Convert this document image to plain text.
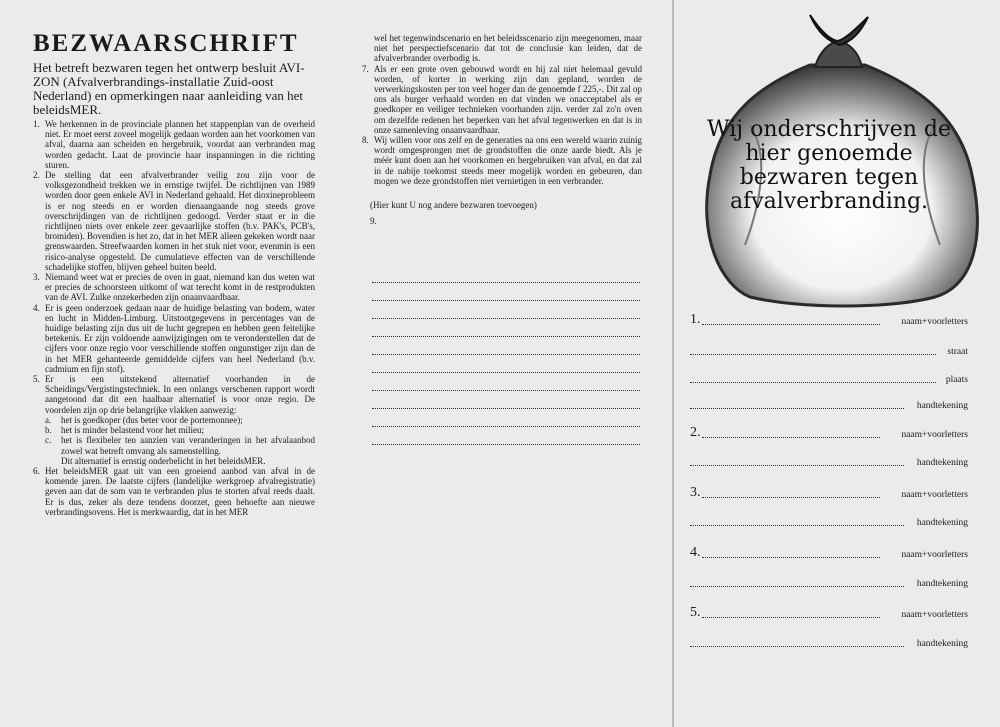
BEZWAARSCHRIFT

Het betreft bezwaren tegen het ontwerp besluit AVI-ZON (Afvalverbrandings-installatie Zuid-oost Nederland) en opmerkingen naar aanleiding van het beleidsMER.

1. We herkennen in de provinciale plannen het stappenplan van de overheid niet. Er moet eerst zoveel mogelijk gedaan worden aan het voorkomen van afval, daarna aan scheiden en hergebruik, voordat aan verbranden mag worden gedacht. Laat de provincie haar inspanningen in die richting sturen.
2. De stelling dat een afvalverbrander veilig zou zijn voor de volksgezondheid trekken we in ernstige twijfel. De richtlijnen van 1989 worden door geen enkele AVI in Nederland gehaald. Het dioxineprobleem is er nog steeds en er worden dienaangaande nog steeds grove overschrijdingen van de richtlijnen gedoogd. Verder staat er in die richtlijnen niets over enkele zeer gevaarlijke stoffen (b.v. PAK's, PCB's, bromiden). Bovendien is het zo, dat in het MER alleen gekeken wordt naar grenswaarden. Streefwaarden komen in het stuk niet voor, evenmin is een risico-analyse opgesteld. De cumulatieve effecten van de verschillende schadelijke stoffen, blijven geheel buiten beeld.
3. Niemand weet wat er precies de oven in gaat, niemand kan dus weten wat er precies de schoorsteen uitkomt of wat terecht komt in de restprodukten van de AVI. Zulke onzekerheden zijn onaanvaardbaar.
4. Er is geen onderzoek gedaan naar de huidige belasting van bodem, water en lucht in Midden-Limburg. Uitstootgegevens in percentages van de huidige belasting zijn dus uit de lucht gegrepen en hebben geen feitelijke betekenis. Er zijn voldoende aanwijzigingen om te veronderstellen dat de cijfers voor onze regio voor verschillende stoffen ongunstiger zijn dan de in het MER gehanteerde gemiddelde cijfers van heel Nederland (b.v. cadmium en fijn stof).
5. Er is een uitstekend alternatief voorhanden in de Scheidings/Vergistingstechniek. In een onlangs verschenen rapport wordt aangetoond dat dit een haalbaar alternatief is voor onze regio. De voordelen zijn op drie belangrijke vlakken aanwezig:
a. het is goedkoper (dus beter voor de portemonnee);
b. het is minder belastend voor het milieu;
c. het is flexibeler ten aanzien van veranderingen in het afvalaanbod zowel wat betreft omvang als samenstelling.
Dit alternatief is ernstig onderbelicht in het beleidsMER.
6. Het beleidsMER gaat uit van een groeiend aanbod van afval in de komende jaren. De laatste cijfers (landelijke werkgroep afvalregistratie) geven aan dat de som van te verbranden plus te storten afval reeds daalt. Er is dus, zeker als deze tendens doorzet, geen behoefte aan nieuwe verbrandingsovens. Het is merkwaardig, dat in het MER
wel het tegenwindscenario en het beleidsscenario zijn meegenomen, maar niet het perspectiefscenario dat tot de conclusie kan leiden, dat de afvalverbrander overbodig is.
7. Als er een grote oven gebouwd wordt en hij zal niet helemaal gevuld worden, of korter in werking zijn dan gepland, worden de verwerkingskosten per ton veel hoger dan de genoemde f 225,-. Dit zal op ons als burger verhaald worden en dat vinden we onacceptabel als er goedkoper en veiliger technieken voorhanden zijn. verder zal zo'n oven om dezelfde redenen het beperken van het afval tegenwerken en dat is in onze samenleving onaanvaardbaar.
8. Wij willen voor ons zelf en de generaties na ons een wereld waarin zuinig wordt omgesprongen met de grondstoffen die onze aarde biedt. Als je méér kunt doen aan het voorkomen en hergebruiken van afval, en dat zal in de nabije toekomst steeds meer mogelijk worden en gebeuren, dan mogen we deze grondstoffen niet vernietigen in een verbrander.
(Hier kunt U nog andere bezwaren toevoegen)
9.
Wij onderschrijven de hier genoemde bezwaren tegen afvalverbranding.
1.	naam+voorletters
straat
plaats
handtekening
2.	naam+voorletters
handtekening
3.	naam+voorletters
handtekening
4.	naam+voorletters
handtekening
5.	naam+voorletters
handtekening
